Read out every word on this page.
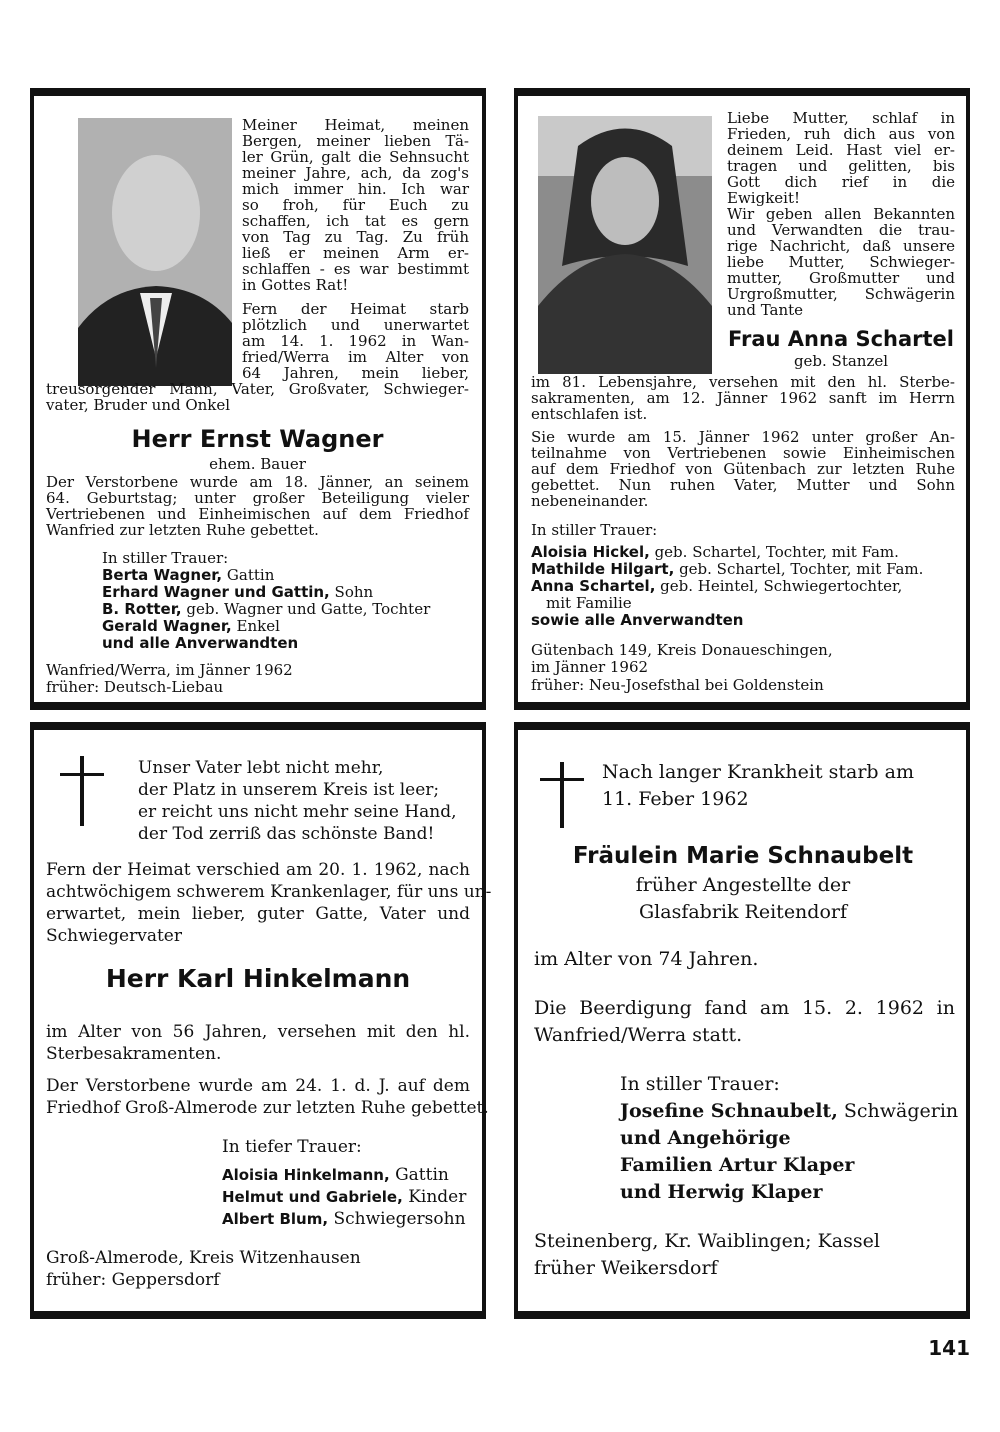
Meiner Heimat, meinen

Bergen, meiner lieben Tä-

ler Grün, galt die Sehnsucht

meiner Jahre, ach, da zog's

mich immer hin. Ich war

so froh, für Euch zu

schaffen, ich tat es gern

von Tag zu Tag. Zu früh

ließ er meinen Arm er-

schlaffen - es war bestimmt

in Gottes Rat!

Fern der Heimat starb

plötzlich und unerwartet

am 14. 1. 1962 in Wan-

fried/Werra im Alter von

64 Jahren, mein lieber,

treusorgender Mann, Vater, Großvater, Schwieger-

vater, Bruder und Onkel

Herr Ernst Wagner

ehem. Bauer

Der Verstorbene wurde am 18. Jänner, an seinem

64. Geburtstag; unter großer Beteiligung vieler

Vertriebenen und Einheimischen auf dem Friedhof

Wanfried zur letzten Ruhe gebettet.

In stiller Trauer:

Berta Wagner, Gattin

Erhard Wagner und Gattin, Sohn

B. Rotter, geb. Wagner und Gatte, Tochter

Gerald Wagner, Enkel

und alle Anverwandten

Wanfried/Werra, im Jänner 1962

früher: Deutsch-Liebau

Liebe Mutter, schlaf in

Frieden, ruh dich aus von

deinem Leid. Hast viel er-

tragen und gelitten, bis

Gott dich rief in die

Ewigkeit!

Wir geben allen Bekannten

und Verwandten die trau-

rige Nachricht, daß unsere

liebe Mutter, Schwieger-

mutter, Großmutter und

Urgroßmutter, Schwägerin

und Tante

Frau Anna Schartel

geb. Stanzel

im 81. Lebensjahre, versehen mit den hl. Sterbe-

sakramenten, am 12. Jänner 1962 sanft im Herrn

entschlafen ist.

Sie wurde am 15. Jänner 1962 unter großer An-

teilnahme von Vertriebenen sowie Einheimischen

auf dem Friedhof von Gütenbach zur letzten Ruhe

gebettet. Nun ruhen Vater, Mutter und Sohn

nebeneinander.

In stiller Trauer:

Aloisia Hickel, geb. Schartel, Tochter, mit Fam.

Mathilde Hilgart, geb. Schartel, Tochter, mit Fam.

Anna Schartel, geb. Heintel, Schwiegertochter,

mit Familie

sowie alle Anverwandten

Gütenbach 149, Kreis Donaueschingen,

im Jänner 1962

früher: Neu-Josefsthal bei Goldenstein

Unser Vater lebt nicht mehr,

der Platz in unserem Kreis ist leer;

er reicht uns nicht mehr seine Hand,

der Tod zerriß das schönste Band!

Fern der Heimat verschied am 20. 1. 1962, nach

achtwöchigem schwerem Krankenlager, für uns un-

erwartet, mein lieber, guter Gatte, Vater und

Schwiegervater

Herr Karl Hinkelmann

im Alter von 56 Jahren, versehen mit den hl.

Sterbesakramenten.

Der Verstorbene wurde am 24. 1. d. J. auf dem

Friedhof Groß-Almerode zur letzten Ruhe gebettet.

In tiefer Trauer:

Aloisia Hinkelmann, Gattin

Helmut und Gabriele, Kinder

Albert Blum, Schwiegersohn

Groß-Almerode, Kreis Witzenhausen

früher: Geppersdorf

Nach langer Krankheit starb am

11. Feber 1962

Fräulein Marie Schnaubelt

früher Angestellte der

Glasfabrik Reitendorf

im Alter von 74 Jahren.

Die Beerdigung fand am 15. 2. 1962 in

Wanfried/Werra statt.

In stiller Trauer:

Josefine Schnaubelt, Schwägerin

und Angehörige

Familien Artur Klaper

und Herwig Klaper

Steinenberg, Kr. Waiblingen; Kassel

früher Weikersdorf

141
